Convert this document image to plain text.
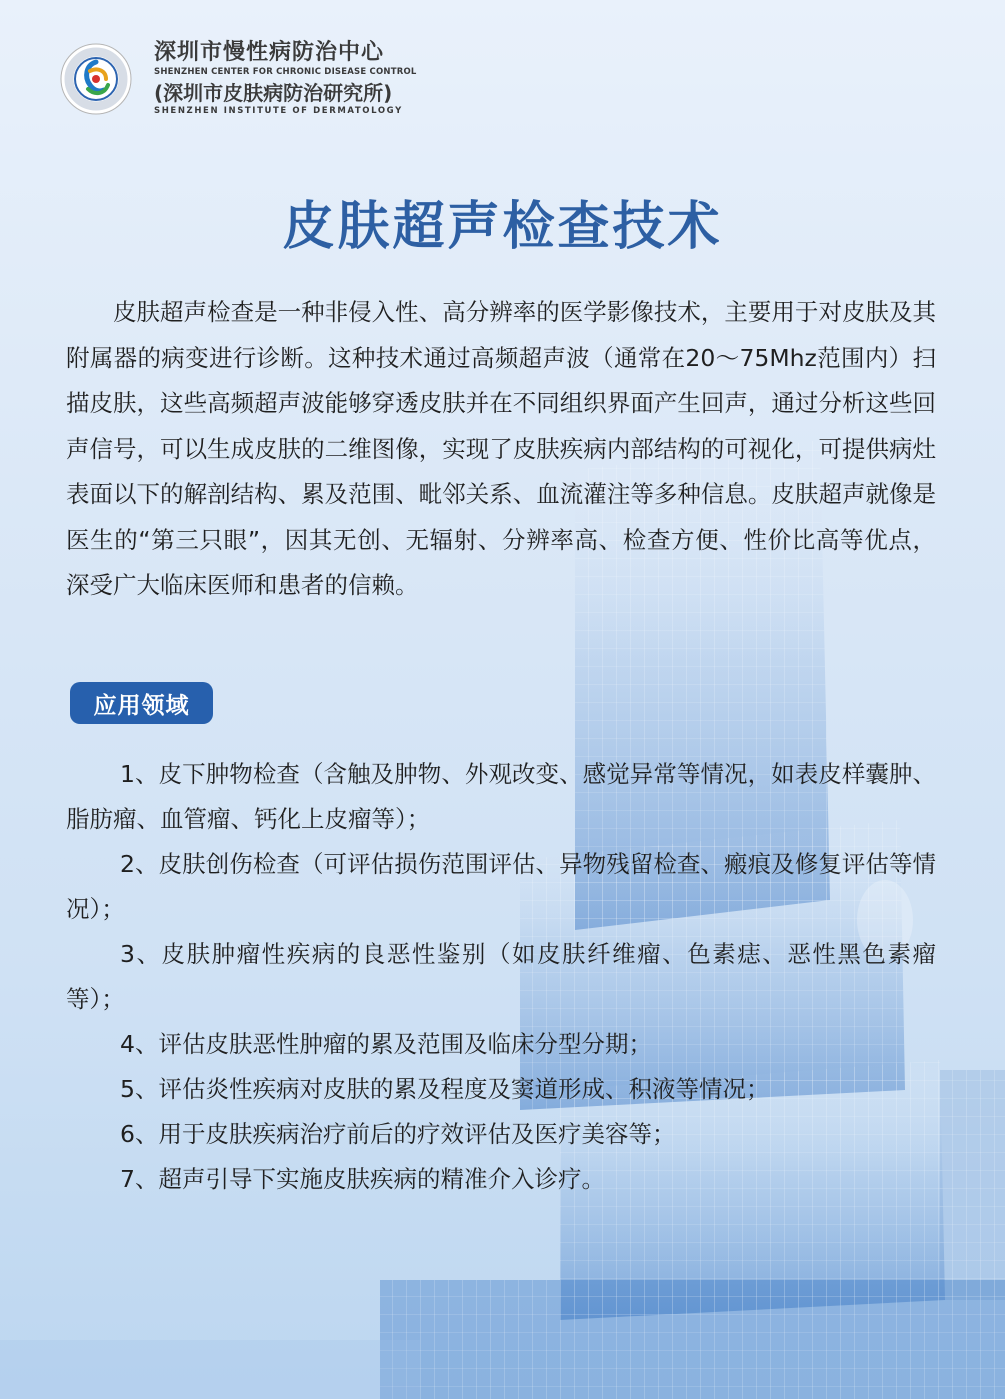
深圳市慢性病防治中心
SHENZHEN CENTER FOR CHRONIC DISEASE CONTROL
(深圳市皮肤病防治研究所)
SHENZHEN INSTITUTE OF DERMATOLOGY
皮肤超声检查技术

皮肤超声检查是一种非侵入性、高分辨率的医学影像技术，主要用于对皮肤及其附属器的病变进行诊断。这种技术通过高频超声波（通常在20～75Mhz范围内）扫描皮肤，这些高频超声波能够穿透皮肤并在不同组织界面产生回声，通过分析这些回声信号，可以生成皮肤的二维图像，实现了皮肤疾病内部结构的可视化，可提供病灶表面以下的解剖结构、累及范围、毗邻关系、血流灌注等多种信息。皮肤超声就像是医生的“第三只眼”，因其无创、无辐射、分辨率高、检查方便、性价比高等优点，深受广大临床医师和患者的信赖。

应用领域
1、皮下肿物检查（含触及肿物、外观改变、感觉异常等情况，如表皮样囊肿、脂肪瘤、血管瘤、钙化上皮瘤等）；
2、皮肤创伤检查（可评估损伤范围评估、异物残留检查、瘢痕及修复评估等情况）；
3、皮肤肿瘤性疾病的良恶性鉴别（如皮肤纤维瘤、色素痣、恶性黑色素瘤等）；
4、评估皮肤恶性肿瘤的累及范围及临床分型分期；
5、评估炎性疾病对皮肤的累及程度及窦道形成、积液等情况；
6、用于皮肤疾病治疗前后的疗效评估及医疗美容等；
7、超声引导下实施皮肤疾病的精准介入诊疗。
